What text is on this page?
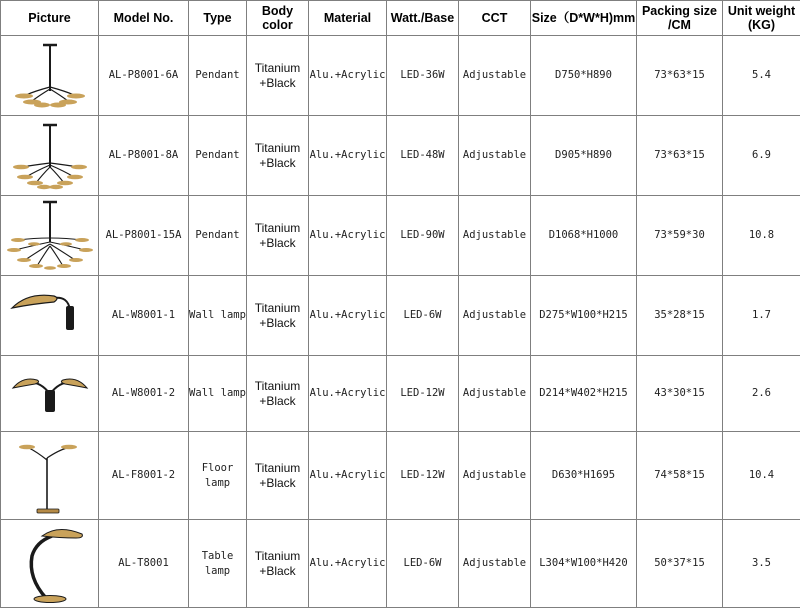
Picture	Model No.	Type	Body color	Material	Watt./Base	CCT	Size（D*W*H)mm	Packing size /CM	Unit weight (KG)

	AL-P8001-6A	Pendant	Titanium +Black	Alu.+Acrylic	LED-36W	Adjustable	D750*H890	73*63*15	5.4

	AL-P8001-8A	Pendant	Titanium +Black	Alu.+Acrylic	LED-48W	Adjustable	D905*H890	73*63*15	6.9

	AL-P8001-15A	Pendant	Titanium +Black	Alu.+Acrylic	LED-90W	Adjustable	D1068*H1000	73*59*30	10.8

	AL-W8001-1	Wall lamp	Titanium +Black	Alu.+Acrylic	LED-6W	Adjustable	D275*W100*H215	35*28*15	1.7

	AL-W8001-2	Wall lamp	Titanium +Black	Alu.+Acrylic	LED-12W	Adjustable	D214*W402*H215	43*30*15	2.6

	AL-F8001-2	Floor lamp	Titanium +Black	Alu.+Acrylic	LED-12W	Adjustable	D630*H1695	74*58*15	10.4

	AL-T8001	Table lamp	Titanium +Black	Alu.+Acrylic	LED-6W	Adjustable	L304*W100*H420	50*37*15	3.5
